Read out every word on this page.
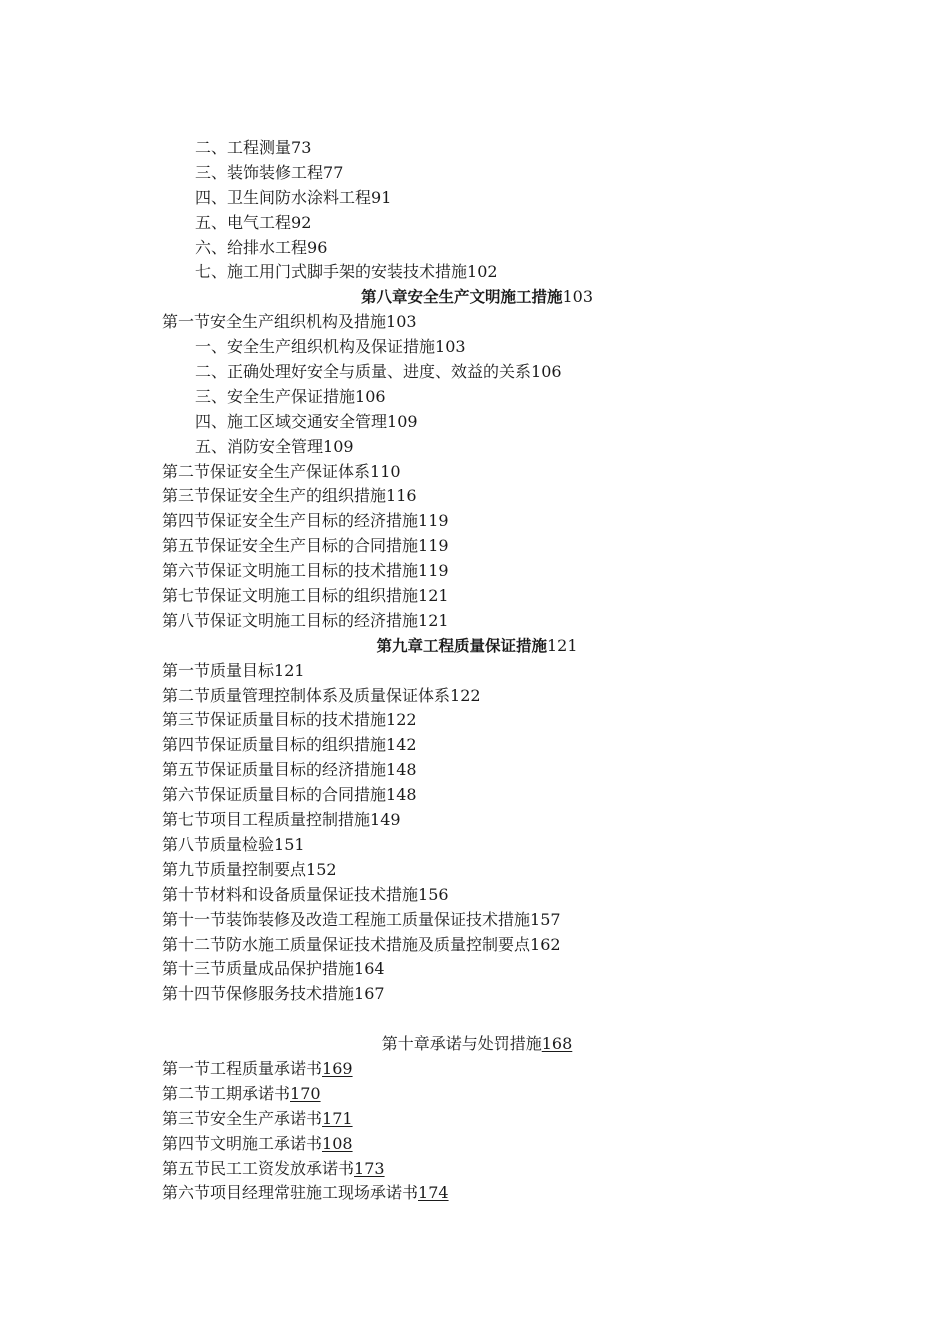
二、工程测量73
三、装饰装修工程77
四、卫生间防水涂料工程91
五、电气工程92
六、给排水工程96
七、施工用门式脚手架的安装技术措施102
第八章安全生产文明施工措施103
第一节安全生产组织机构及措施103
一、安全生产组织机构及保证措施103
二、正确处理好安全与质量、进度、效益的关系106
三、安全生产保证措施106
四、施工区域交通安全管理109
五、消防安全管理109
第二节保证安全生产保证体系110
第三节保证安全生产的组织措施116
第四节保证安全生产目标的经济措施119
第五节保证安全生产目标的合同措施119
第六节保证文明施工目标的技术措施119
第七节保证文明施工目标的组织措施121
第八节保证文明施工目标的经济措施121
第九章工程质量保证措施121
第一节质量目标121
第二节质量管理控制体系及质量保证体系122
第三节保证质量目标的技术措施122
第四节保证质量目标的组织措施142
第五节保证质量目标的经济措施148
第六节保证质量目标的合同措施148
第七节项目工程质量控制措施149
第八节质量检验151
第九节质量控制要点152
第十节材料和设备质量保证技术措施156
第十一节装饰装修及改造工程施工质量保证技术措施157
第十二节防水施工质量保证技术措施及质量控制要点162
第十三节质量成品保护措施164
第十四节保修服务技术措施167
第十章承诺与处罚措施168
第一节工程质量承诺书169
第二节工期承诺书170
第三节安全生产承诺书171
第四节文明施工承诺书108
第五节民工工资发放承诺书173
第六节项目经理常驻施工现场承诺书174
